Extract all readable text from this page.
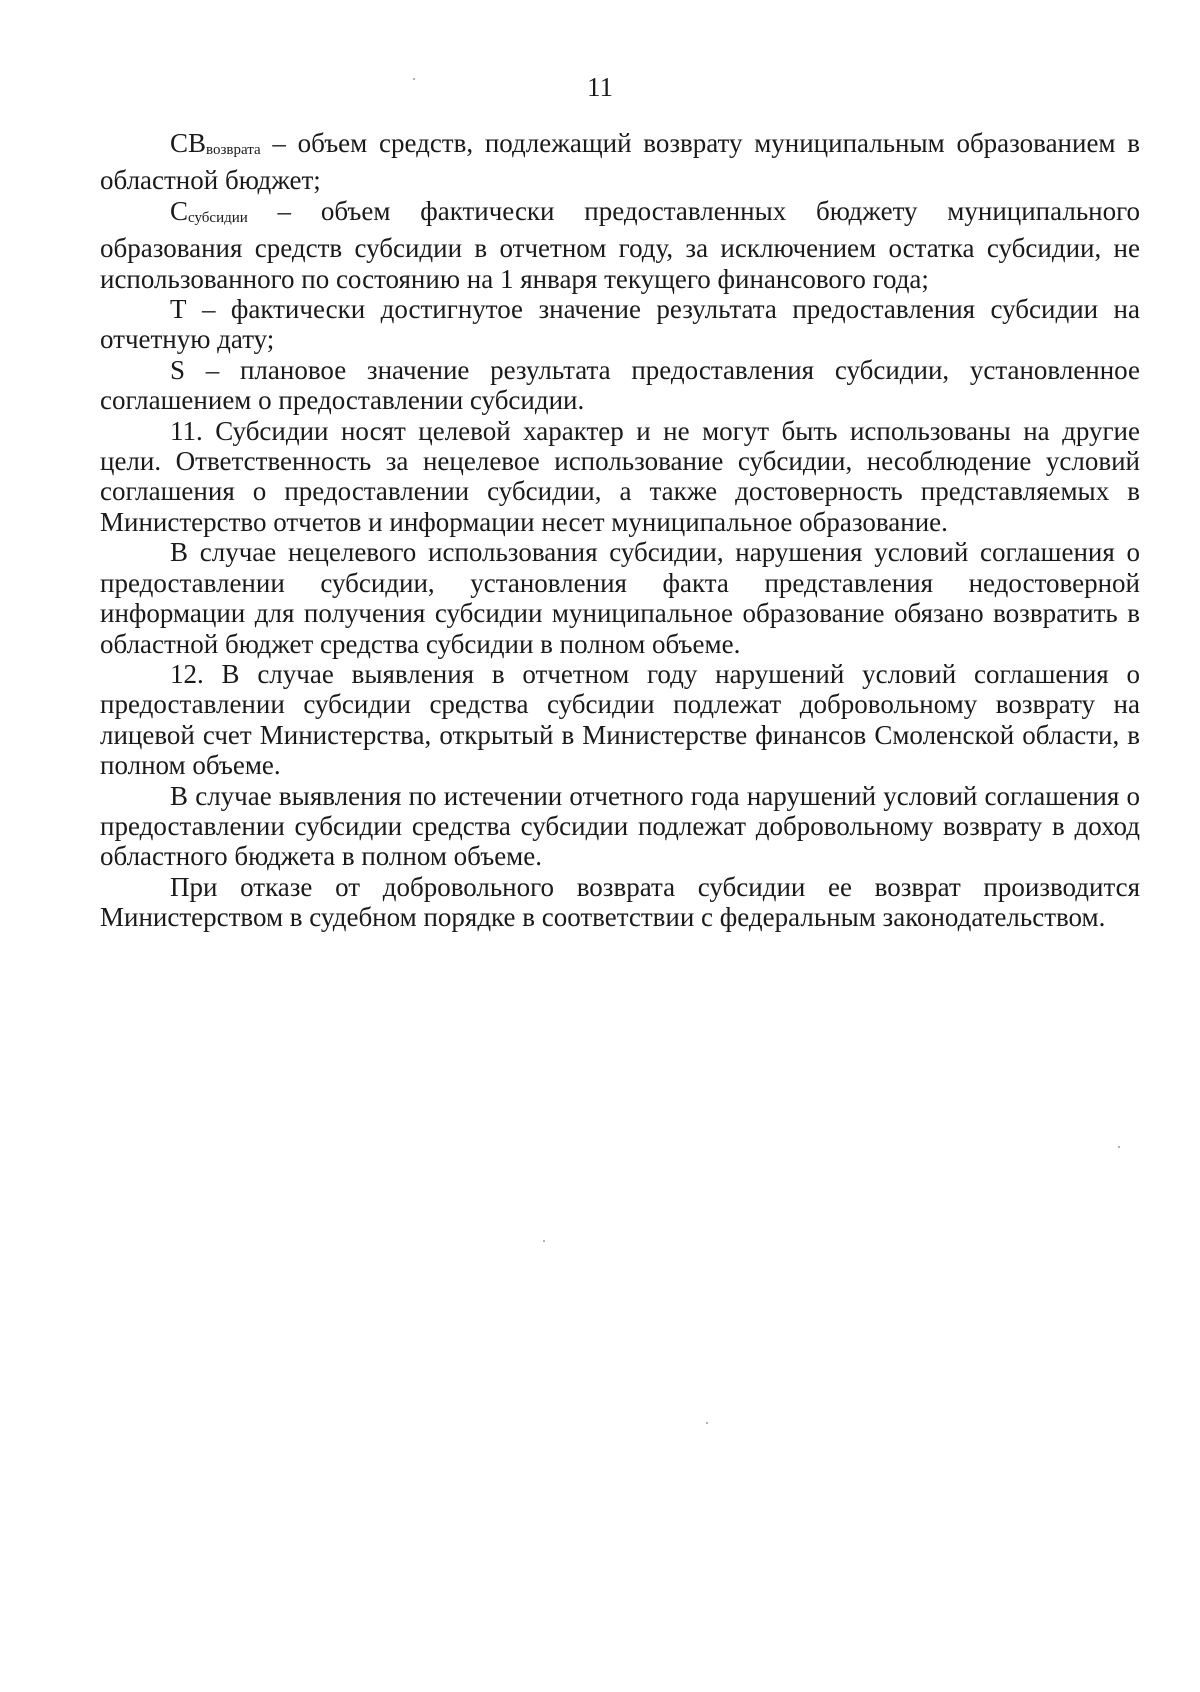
11

СВвозврата – объем средств, подлежащий возврату муниципальным образованием в областной бюджет;

Ссубсидии – объем фактически предоставленных бюджету муниципального образования средств субсидии в отчетном году, за исключением остатка субсидии, не использованного по состоянию на 1 января текущего финансового года;

Т – фактически достигнутое значение результата предоставления субсидии на отчетную дату;

S – плановое значение результата предоставления субсидии, установленное соглашением о предоставлении субсидии.

11. Субсидии носят целевой характер и не могут быть использованы на другие цели. Ответственность за нецелевое использование субсидии, несоблюдение условий соглашения о предоставлении субсидии, а также достоверность представляемых в Министерство отчетов и информации несет муниципальное образование.

В случае нецелевого использования субсидии, нарушения условий соглашения о предоставлении субсидии, установления факта представления недостоверной информации для получения субсидии муниципальное образование обязано возвратить в областной бюджет средства субсидии в полном объеме.

12. В случае выявления в отчетном году нарушений условий соглашения о предоставлении субсидии средства субсидии подлежат добровольному возврату на лицевой счет Министерства, открытый в Министерстве финансов Смоленской области, в полном объеме.

В случае выявления по истечении отчетного года нарушений условий соглашения о предоставлении субсидии средства субсидии подлежат добровольному возврату в доход областного бюджета в полном объеме.

При отказе от добровольного возврата субсидии ее возврат производится Министерством в судебном порядке в соответствии с федеральным законодательством.
